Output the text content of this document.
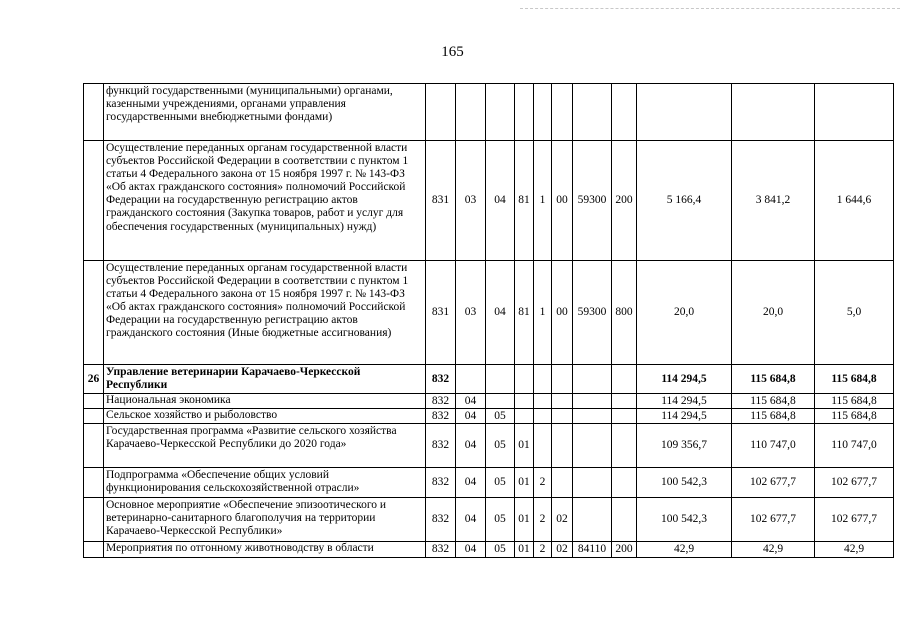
165
	функций государственными (муниципальными) органами, казенными учреждениями, органами управления государственными внебюджетными фондами)											
	Осуществление переданных органам государственной власти субъектов Российской Федерации в соответствии с пунктом 1 статьи 4 Федерального закона от 15 ноября 1997 г. № 143-ФЗ «Об актах гражданского состояния» полномочий Российской Федерации на государственную регистрацию актов гражданского состояния (Закупка товаров, работ и услуг для обеспечения государственных (муниципальных) нужд)	831	03	04	81	1	00	59300	200	5 166,4	3 841,2	1 644,6
	Осуществление переданных органам государственной власти субъектов Российской Федерации в соответствии с пунктом 1 статьи 4 Федерального закона от 15 ноября 1997 г. № 143-ФЗ «Об актах гражданского состояния» полномочий Российской Федерации на государственную регистрацию актов гражданского состояния (Иные бюджетные ассигнования)	831	03	04	81	1	00	59300	800	20,0	20,0	5,0
26	Управление ветеринарии Карачаево-Черкесской Республики	832								114 294,5	115 684,8	115 684,8
	Национальная экономика	832	04							114 294,5	115 684,8	115 684,8
	Сельское хозяйство и рыболовство	832	04	05						114 294,5	115 684,8	115 684,8
	Государственная программа «Развитие сельского хозяйства Карачаево-Черкесской Республики до 2020 года»	832	04	05	01					109 356,7	110 747,0	110 747,0
	Подпрограмма «Обеспечение общих условий функционирования сельскохозяйственной отрасли»	832	04	05	01	2				100 542,3	102 677,7	102 677,7
	Основное мероприятие «Обеспечение эпизоотического и ветеринарно-санитарного благополучия на территории Карачаево-Черкесской Республики»	832	04	05	01	2	02			100 542,3	102 677,7	102 677,7
	Мероприятия по отгонному животноводству в области	832	04	05	01	2	02	84110	200	42,9	42,9	42,9
